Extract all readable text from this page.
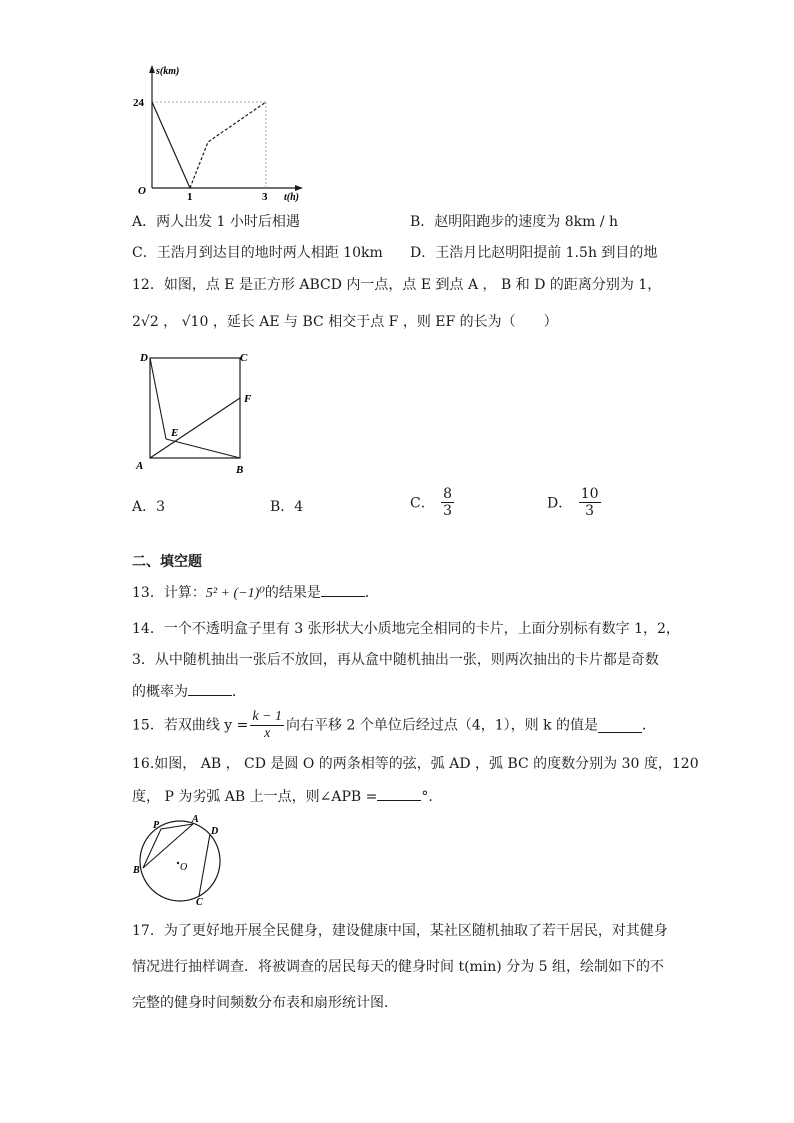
s(km)
t(h)
O
24
1	3
A．两人出发 1 小时后相遇	B．赵明阳跑步的速度为 8km / h
C．王浩月到达目的地时两人相距 10km D．王浩月比赵明阳提前 1.5h 到目的地
12．如图，点 E 是正方形 ABCD 内一点，点 E 到点 A ， B 和 D 的距离分别为 1，
2√2 ， √10 ，延长 AE 与 BC 相交于点 F ，则 EF 的长为（　　）
D	C
F
E
A	B
A．3	B．4	C． $\frac{8}{3}$	D． $\frac{10}{3}$
二、填空题
13．计算：5² + (−1)⁰的结果是	．
14．一个不透明盒子里有 3 张形状大小质地完全相同的卡片，上面分别标有数字 1，2，
3．从中随机抽出一张后不放回，再从盒中随机抽出一张，则两次抽出的卡片都是奇数
的概率为	．
15．若双曲线 $y = \frac{k - 1}{x}$ 向右平移 2 个单位后经过点（4，1），则 k 的值是	．
16.如图， AB ， CD 是圆 O 的两条相等的弦，弧 AD ，弧 BC 的度数分别为 30 度，120
度， P 为劣弧 AB 上一点，则∠APB =	°．
P
A
D
B	O
C
17．为了更好地开展全民健身，建设健康中国，某社区随机抽取了若干居民，对其健身
情况进行抽样调查．将被调查的居民每天的健身时间 t(min) 分为 5 组，绘制如下的不
完整的健身时间频数分布表和扇形统计图．
